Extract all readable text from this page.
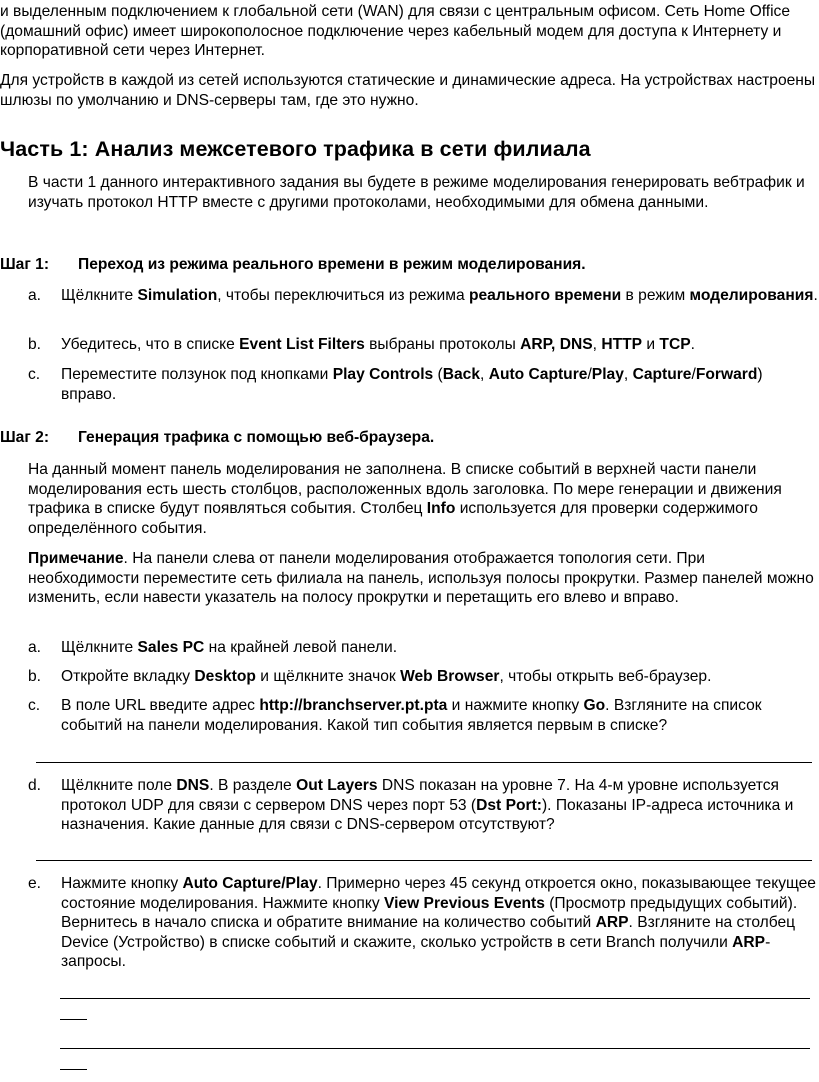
и выделенным подключением к глобальной сети (WAN) для связи с центральным офисом. Сеть Home Office (домашний офис) имеет широкополосное подключение через кабельный модем для доступа к Интернету и корпоративной сети через Интернет.

Для устройств в каждой из сетей используются статические и динамические адреса. На устройствах настроены шлюзы по умолчанию и DNS-серверы там, где это нужно.

Часть 1: Анализ межсетевого трафика в сети филиала

В части 1 данного интерактивного задания вы будете в режиме моделирования генерировать вебтрафик и изучать протокол HTTP вместе с другими протоколами, необходимыми для обмена данными.

Шаг 1:	Переход из режима реального времени в режим моделирования.
a. Щёлкните Simulation, чтобы переключиться из режима реального времени в режим моделирования.
b. Убедитесь, что в списке Event List Filters выбраны протоколы ARP, DNS, HTTP и TCP.
c. Переместите ползунок под кнопками Play Controls (Back, Auto Capture/Play, Capture/Forward) вправо.
Шаг 2:	Генерация трафика с помощью веб-браузера.

На данный момент панель моделирования не заполнена. В списке событий в верхней части панели моделирования есть шесть столбцов, расположенных вдоль заголовка. По мере генерации и движения трафика в списке будут появляться события. Столбец Info используется для проверки содержимого определённого события.

Примечание. На панели слева от панели моделирования отображается топология сети. При необходимости переместите сеть филиала на панель, используя полосы прокрутки. Размер панелей можно изменить, если навести указатель на полосу прокрутки и перетащить его влево и вправо.

a. Щёлкните Sales PC на крайней левой панели.
b. Откройте вкладку Desktop и щёлкните значок Web Browser, чтобы открыть веб-браузер.
c. В поле URL введите адрес http://branchserver.pt.pta и нажмите кнопку Go. Взгляните на список событий на панели моделирования. Какой тип события является первым в списке?
d. Щёлкните поле DNS. В разделе Out Layers DNS показан на уровне 7. На 4-м уровне используется протокол UDP для связи с сервером DNS через порт 53 (Dst Port:). Показаны IP-адреса источника и назначения. Какие данные для связи с DNS-сервером отсутствуют?
e. Нажмите кнопку Auto Capture/Play. Примерно через 45 секунд откроется окно, показывающее текущее состояние моделирования. Нажмите кнопку View Previous Events (Просмотр предыдущих событий). Вернитесь в начало списка и обратите внимание на количество событий ARP. Взгляните на столбец Device (Устройство) в списке событий и скажите, сколько устройств в сети Branch получили ARP-запросы.
